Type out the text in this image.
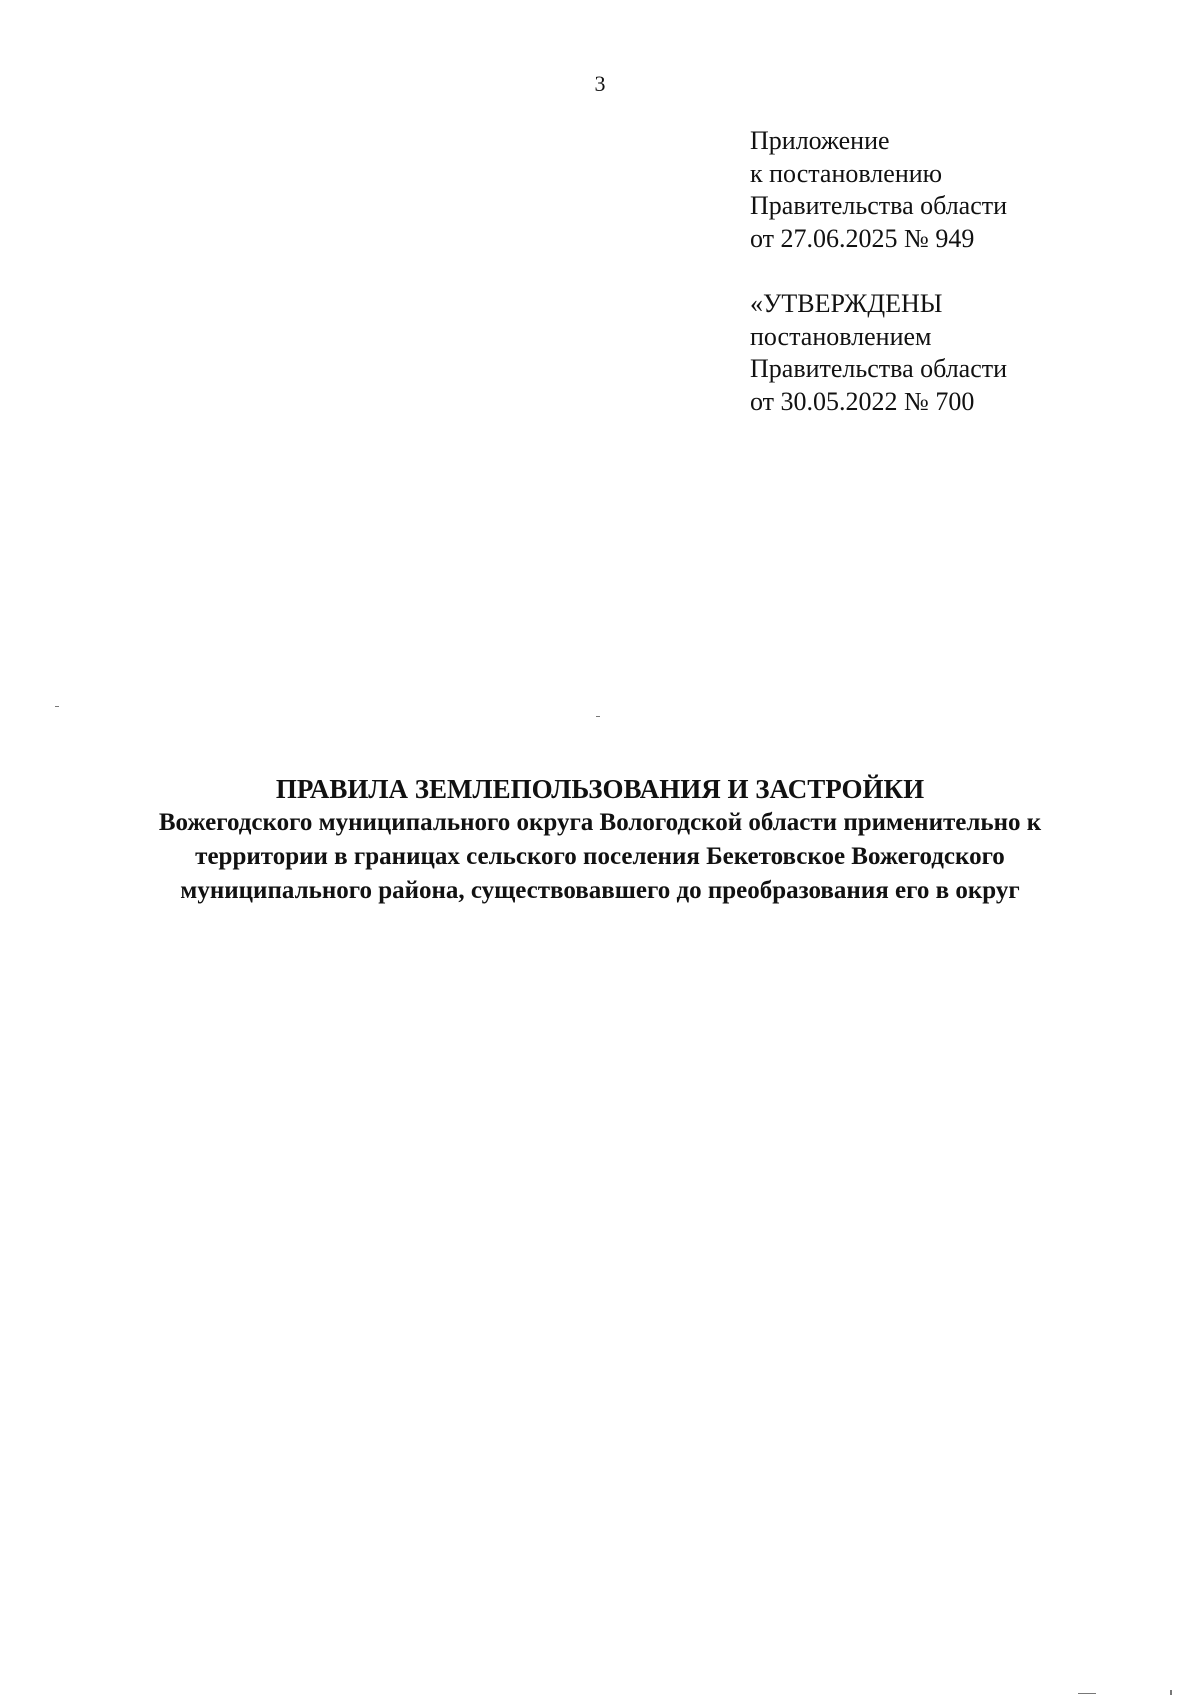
3
Приложение
к постановлению
Правительства области
от 27.06.2025 № 949
«УТВЕРЖДЕНЫ
постановлением
Правительства области
от 30.05.2022 № 700
ПРАВИЛА ЗЕМЛЕПОЛЬЗОВАНИЯ И ЗАСТРОЙКИ

Вожегодского муниципального округа Вологодской области применительно к
территории в границах сельского поселения Бекетовское Вожегодского
муниципального района, существовавшего до преобразования его в округ
